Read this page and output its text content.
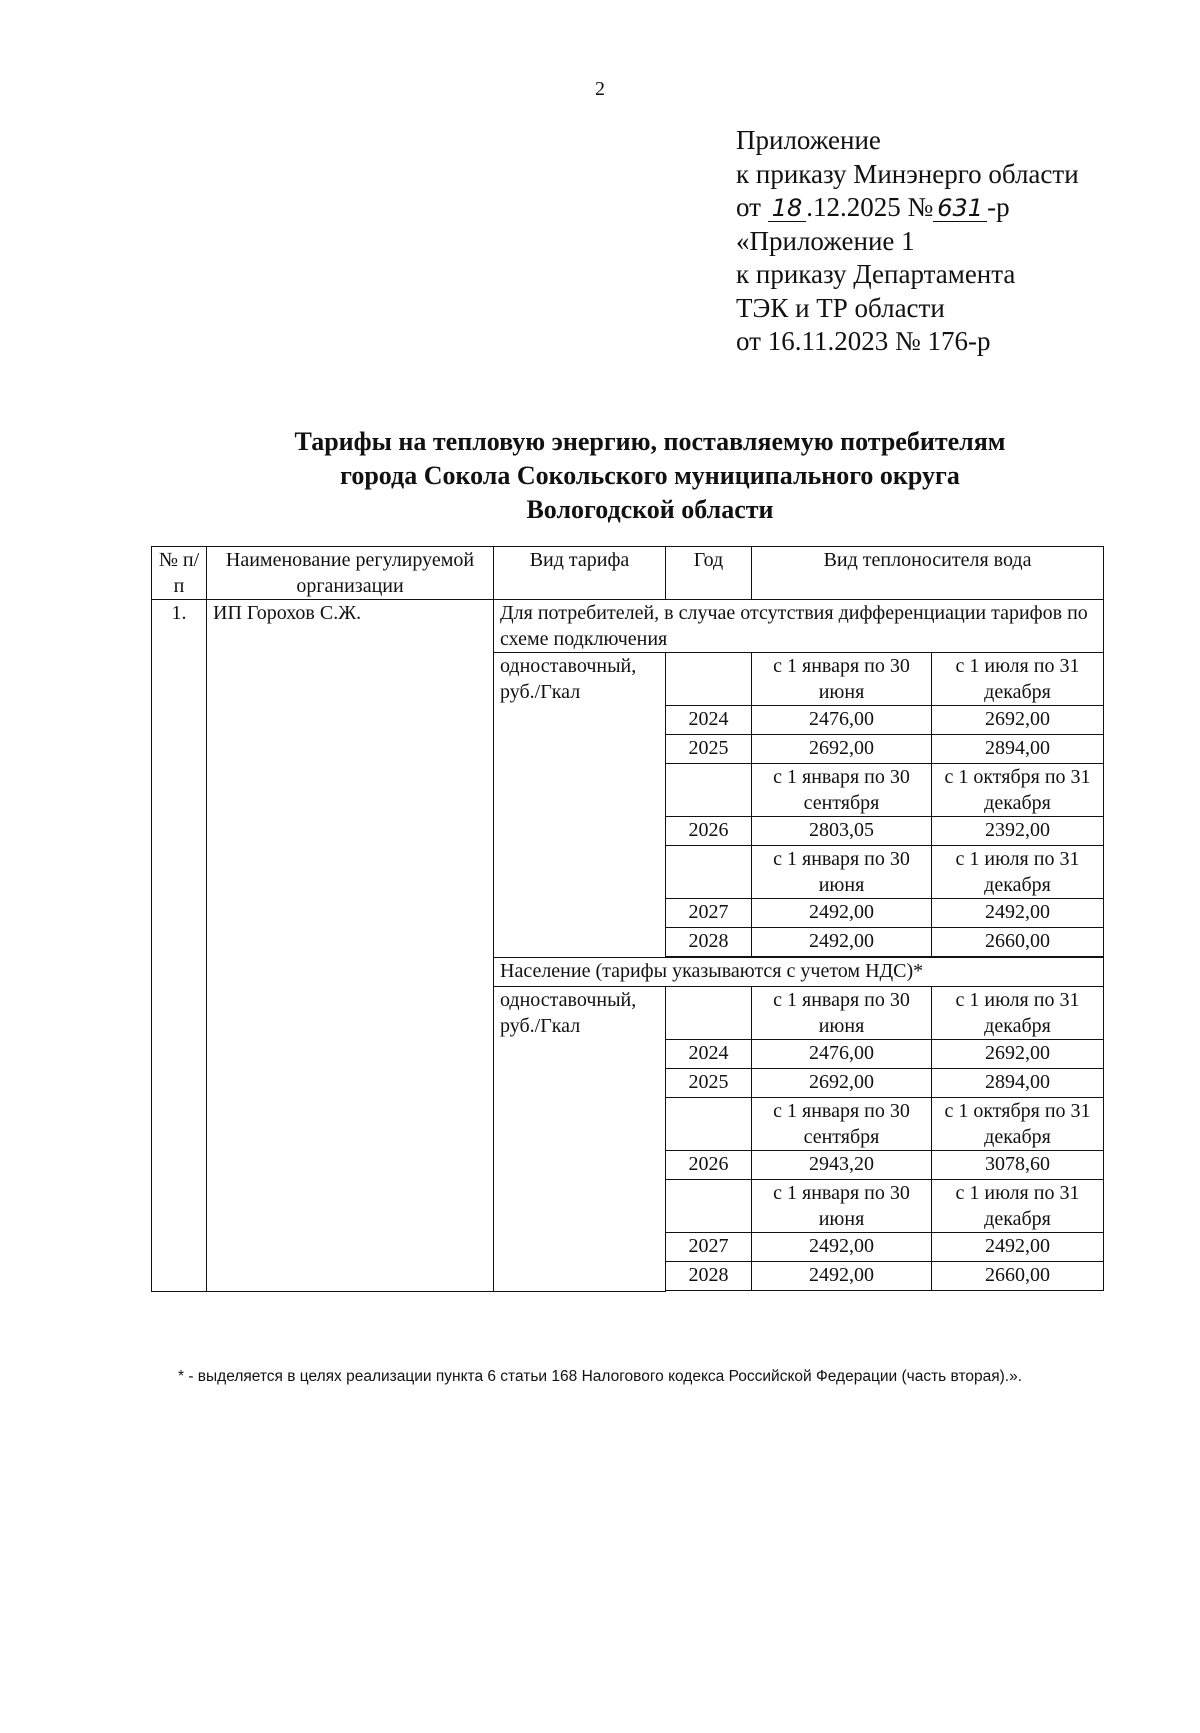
2
Приложение
к приказу Минэнерго области
от 18 .12.2025 № 631 -р
«Приложение 1
к приказу Департамента
ТЭК и ТР области
от 16.11.2023 № 176-р
Тарифы на тепловую энергию, поставляемую потребителям
города Сокола Сокольского муниципального округа
Вологодской области
№ п/п	Наименование регулируемой организации	Вид тарифа	Год	Вид теплоносителя вода	
1.	ИП Горохов С.Ж.	Для потребителей, в случае отсутствия дифференциации тарифов по схеме подключения			
		одноставочный, руб./Гкал		с 1 января по 30 июня	с 1 июля по 31 декабря
			2024	2476,00	2692,00
			2025	2692,00	2894,00
				с 1 января по 30 сентября	с 1 октября по 31 декабря
			2026	2803,05	2392,00
				с 1 января по 30 июня	с 1 июля по 31 декабря
			2027	2492,00	2492,00
			2028	2492,00	2660,00

		Население (тарифы указываются с учетом НДС)*			
		одноставочный, руб./Гкал		с 1 января по 30 июня	с 1 июля по 31 декабря
			2024	2476,00	2692,00
			2025	2692,00	2894,00
				с 1 января по 30 сентября	с 1 октября по 31 декабря
			2026	2943,20	3078,60
				с 1 января по 30 июня	с 1 июля по 31 декабря
			2027	2492,00	2492,00
			2028	2492,00	2660,00

* - выделяется в целях реализации пункта 6 статьи 168 Налогового кодекса Российской Федерации (часть вторая).».
